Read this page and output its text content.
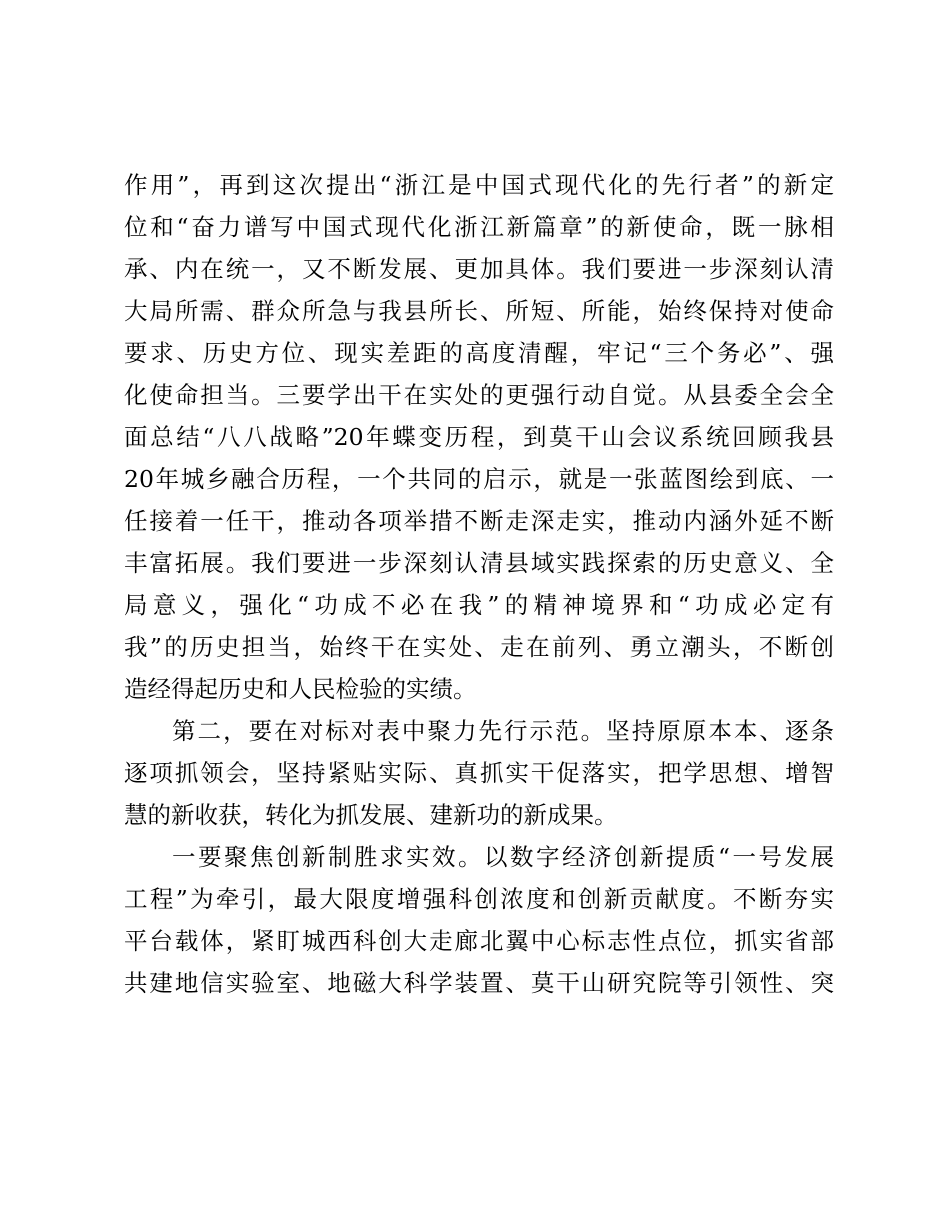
作用”，再到这次提出“浙江是中国式现代化的先行者”的新定
位和“奋力谱写中国式现代化浙江新篇章”的新使命，既一脉相
承、内在统一，又不断发展、更加具体。我们要进一步深刻认清
大局所需、群众所急与我县所长、所短、所能，始终保持对使命
要求、历史方位、现实差距的高度清醒，牢记“三个务必”、强
化使命担当。三要学出干在实处的更强行动自觉。从县委全会全
面总结“八八战略”20年蝶变历程，到莫干山会议系统回顾我县
20年城乡融合历程，一个共同的启示，就是一张蓝图绘到底、一
任接着一任干，推动各项举措不断走深走实，推动内涵外延不断
丰富拓展。我们要进一步深刻认清县域实践探索的历史意义、全
局意义，强化“功成不必在我”的精神境界和“功成必定有
我”的历史担当，始终干在实处、走在前列、勇立潮头，不断创
造经得起历史和人民检验的实绩。
第二，要在对标对表中聚力先行示范。坚持原原本本、逐条
逐项抓领会，坚持紧贴实际、真抓实干促落实，把学思想、增智
慧的新收获，转化为抓发展、建新功的新成果。
一要聚焦创新制胜求实效。以数字经济创新提质“一号发展
工程”为牵引，最大限度增强科创浓度和创新贡献度。不断夯实
平台载体，紧盯城西科创大走廊北翼中心标志性点位，抓实省部
共建地信实验室、地磁大科学装置、莫干山研究院等引领性、突
